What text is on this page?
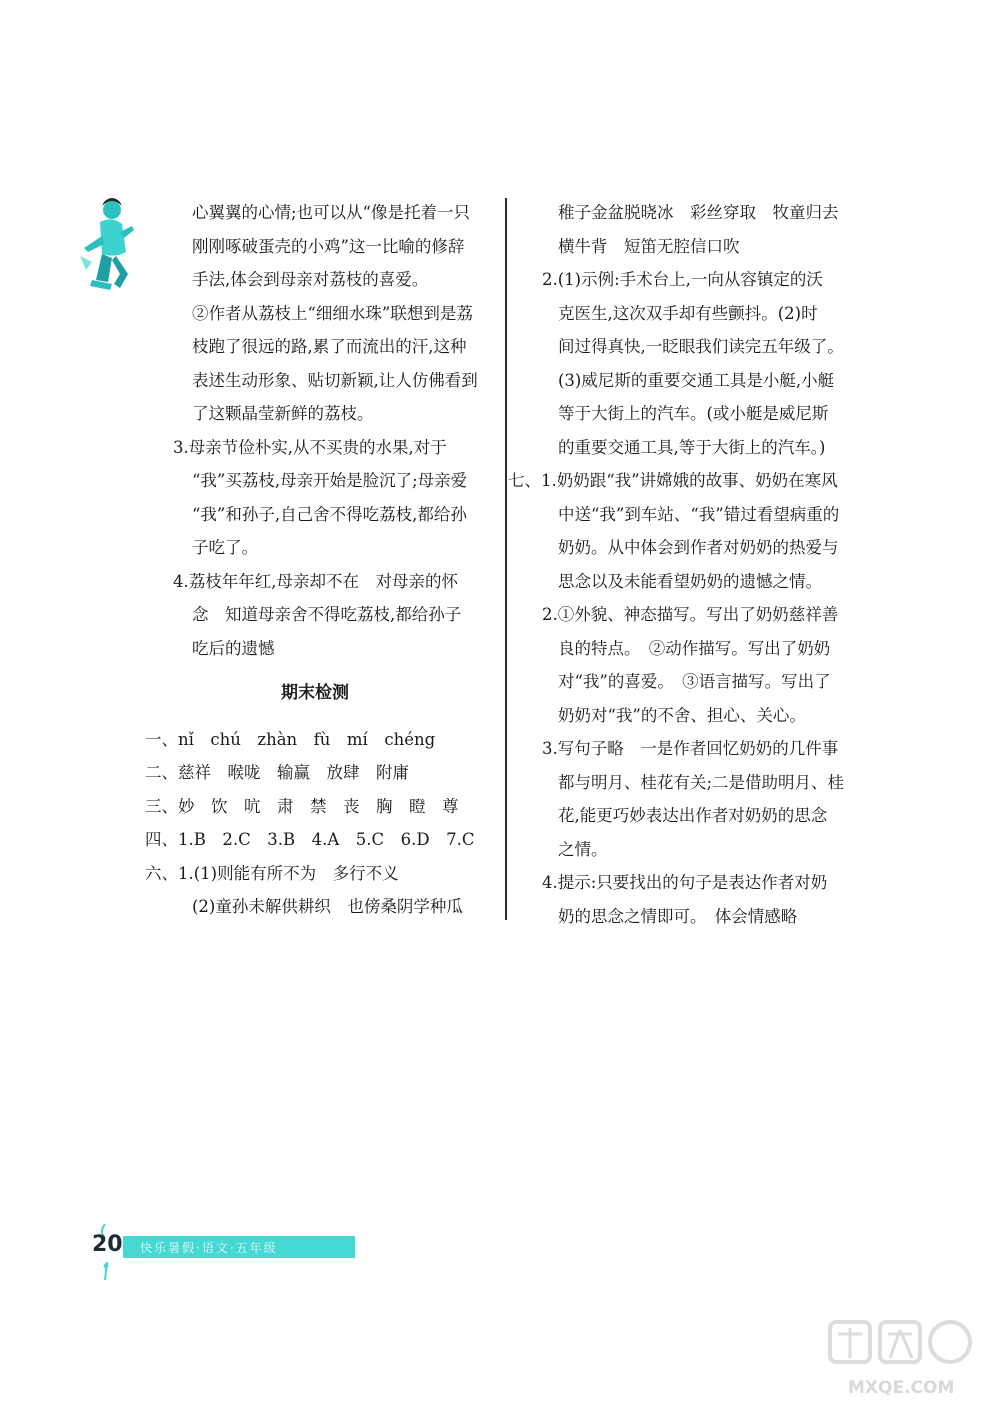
心翼翼的心情;也可以从“像是托着一只

刚刚啄破蛋壳的小鸡”这一比喻的修辞

手法,体会到母亲对荔枝的喜爱。

②作者从荔枝上“细细水珠”联想到是荔

枝跑了很远的路,累了而流出的汗,这种

表述生动形象、贴切新颖,让人仿佛看到

了这颗晶莹新鲜的荔枝。

3.母亲节俭朴实,从不买贵的水果,对于

“我”买荔枝,母亲开始是脸沉了;母亲爱

“我”和孙子,自己舍不得吃荔枝,都给孙

子吃了。

4.荔枝年年红,母亲却不在　对母亲的怀

念　知道母亲舍不得吃荔枝,都给孙子

吃后的遗憾

期末检测

一、nǐ　chú　zhàn　fù　mí　chéng

二、慈祥　喉咙　输赢　放肆　附庸

三、妙　饮　吭　肃　禁　丧　胸　瞪　尊

四、1.B　2.C　3.B　4.A　5.C　6.D　7.C

六、1.(1)则能有所不为　多行不义

(2)童孙未解供耕织　也傍桑阴学种瓜

稚子金盆脱晓冰　彩丝穿取　牧童归去

横牛背　短笛无腔信口吹

2.(1)示例:手术台上,一向从容镇定的沃

克医生,这次双手却有些颤抖。(2)时

间过得真快,一眨眼我们读完五年级了。

(3)威尼斯的重要交通工具是小艇,小艇

等于大街上的汽车。(或小艇是威尼斯

的重要交通工具,等于大街上的汽车。)

七、1.奶奶跟“我”讲嫦娥的故事、奶奶在寒风

中送“我”到车站、“我”错过看望病重的

奶奶。从中体会到作者对奶奶的热爱与

思念以及未能看望奶奶的遗憾之情。

2.①外貌、神态描写。写出了奶奶慈祥善

良的特点。　②动作描写。写出了奶奶

对“我”的喜爱。　③语言描写。写出了

奶奶对“我”的不舍、担心、关心。

3.写句子略　一是作者回忆奶奶的几件事

都与明月、桂花有关;二是借助明月、桂

花,能更巧妙表达出作者对奶奶的思念

之情。

4.提示:只要找出的句子是表达作者对奶

奶的思念之情即可。　体会情感略

快乐暑假·语文·五年级
20
MXQE.COM
